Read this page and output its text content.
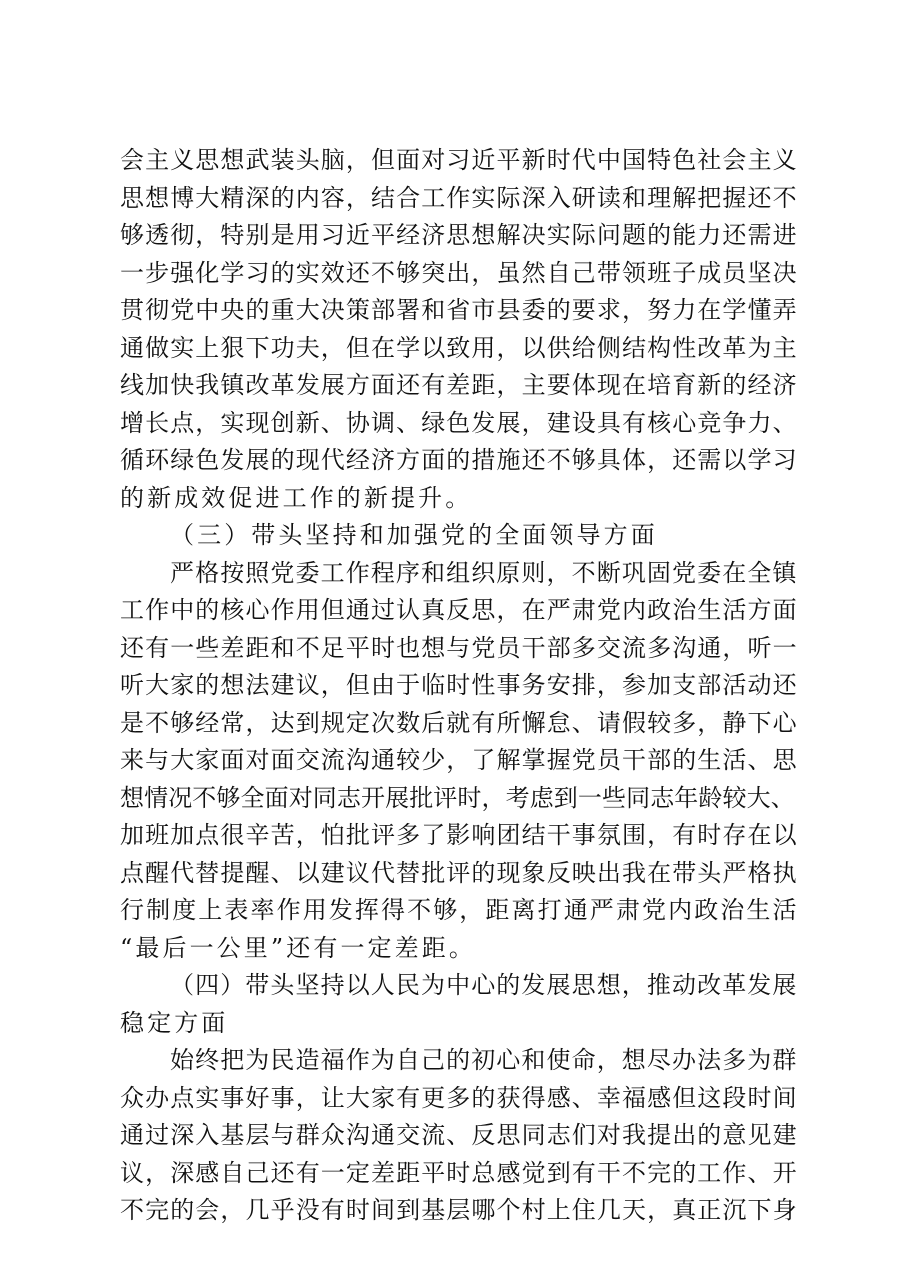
会主义思想武装头脑，但面对习近平新时代中国特色社会主义
思想博大精深的内容，结合工作实际深入研读和理解把握还不
够透彻，特别是用习近平经济思想解决实际问题的能力还需进
一步强化学习的实效还不够突出，虽然自己带领班子成员坚决
贯彻党中央的重大决策部署和省市县委的要求，努力在学懂弄
通做实上狠下功夫，但在学以致用，以供给侧结构性改革为主
线加快我镇改革发展方面还有差距，主要体现在培育新的经济
增长点，实现创新、协调、绿色发展，建设具有核心竞争力、
循环绿色发展的现代经济方面的措施还不够具体，还需以学习
的新成效促进工作的新提升。
（三）带头坚持和加强党的全面领导方面
严格按照党委工作程序和组织原则，不断巩固党委在全镇
工作中的核心作用但通过认真反思，在严肃党内政治生活方面
还有一些差距和不足平时也想与党员干部多交流多沟通，听一
听大家的想法建议，但由于临时性事务安排，参加支部活动还
是不够经常，达到规定次数后就有所懈怠、请假较多，静下心
来与大家面对面交流沟通较少，了解掌握党员干部的生活、思
想情况不够全面对同志开展批评时，考虑到一些同志年龄较大、
加班加点很辛苦，怕批评多了影响团结干事氛围，有时存在以
点醒代替提醒、以建议代替批评的现象反映出我在带头严格执
行制度上表率作用发挥得不够，距离打通严肃党内政治生活
“最后一公里”还有一定差距。
（四）带头坚持以人民为中心的发展思想，推动改革发展
稳定方面
始终把为民造福作为自己的初心和使命，想尽办法多为群
众办点实事好事，让大家有更多的获得感、幸福感但这段时间
通过深入基层与群众沟通交流、反思同志们对我提出的意见建
议，深感自己还有一定差距平时总感觉到有干不完的工作、开
不完的会，几乎没有时间到基层哪个村上住几天，真正沉下身
